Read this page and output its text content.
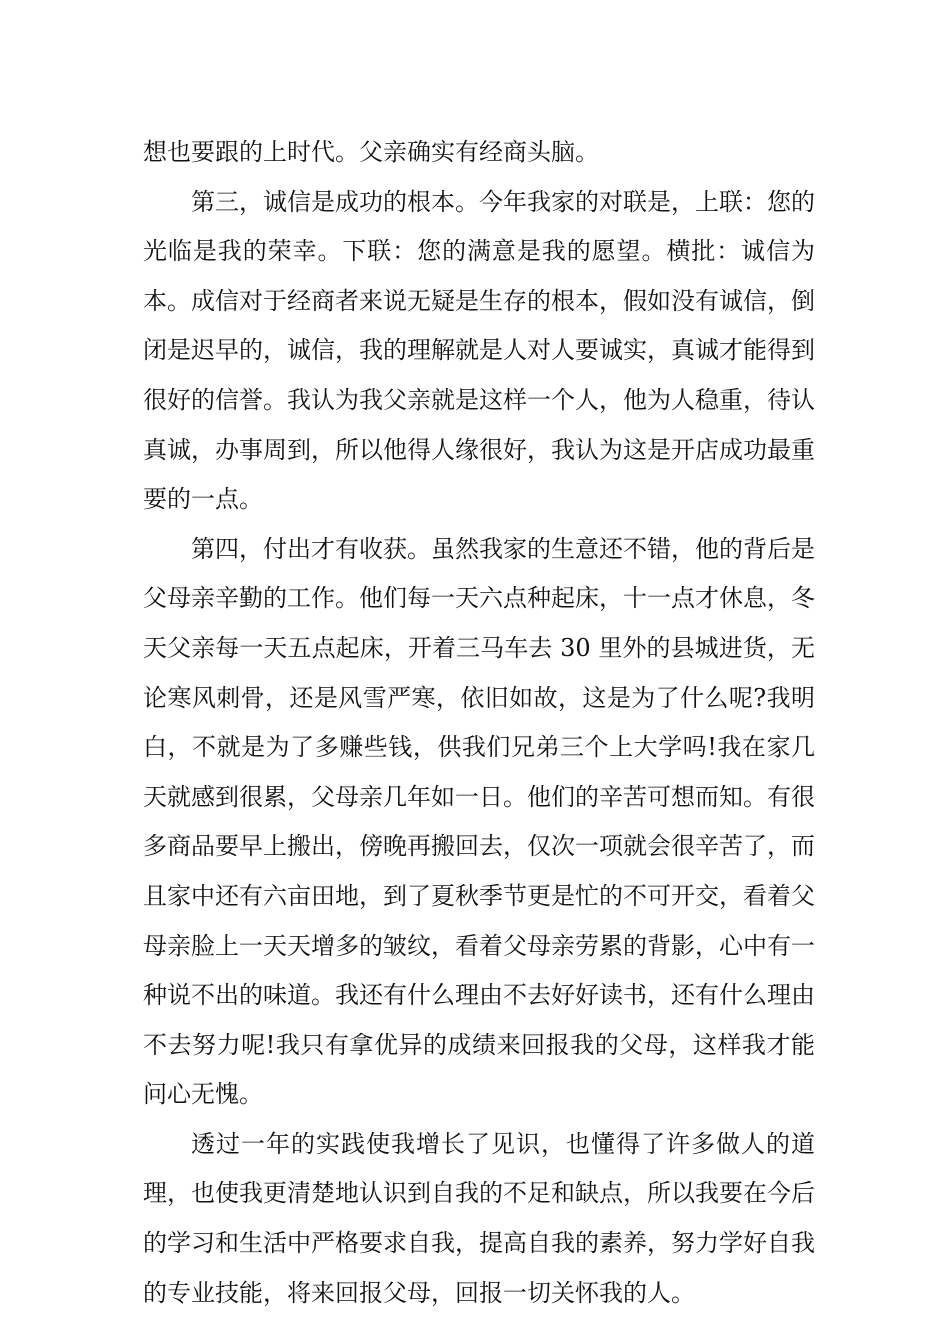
想也要跟的上时代。父亲确实有经商头脑。

第三，诚信是成功的根本。今年我家的对联是，上联：您的光临是我的荣幸。下联：您的满意是我的愿望。横批：诚信为本。成信对于经商者来说无疑是生存的根本，假如没有诚信，倒闭是迟早的，诚信，我的理解就是人对人要诚实，真诚才能得到很好的信誉。我认为我父亲就是这样一个人，他为人稳重，待认真诚，办事周到，所以他得人缘很好，我认为这是开店成功最重要的一点。

第四，付出才有收获。虽然我家的生意还不错，他的背后是父母亲辛勤的工作。他们每一天六点种起床，十一点才休息，冬天父亲每一天五点起床，开着三马车去 30 里外的县城进货，无论寒风刺骨，还是风雪严寒，依旧如故，这是为了什么呢?我明白，不就是为了多赚些钱，供我们兄弟三个上大学吗!我在家几天就感到很累，父母亲几年如一日。他们的辛苦可想而知。有很多商品要早上搬出，傍晚再搬回去，仅次一项就会很辛苦了，而且家中还有六亩田地，到了夏秋季节更是忙的不可开交，看着父母亲脸上一天天增多的皱纹，看着父母亲劳累的背影，心中有一种说不出的味道。我还有什么理由不去好好读书，还有什么理由不去努力呢!我只有拿优异的成绩来回报我的父母，这样我才能问心无愧。

透过一年的实践使我增长了见识，也懂得了许多做人的道理，也使我更清楚地认识到自我的不足和缺点，所以我要在今后的学习和生活中严格要求自我，提高自我的素养，努力学好自我的专业技能，将来回报父母，回报一切关怀我的人。
